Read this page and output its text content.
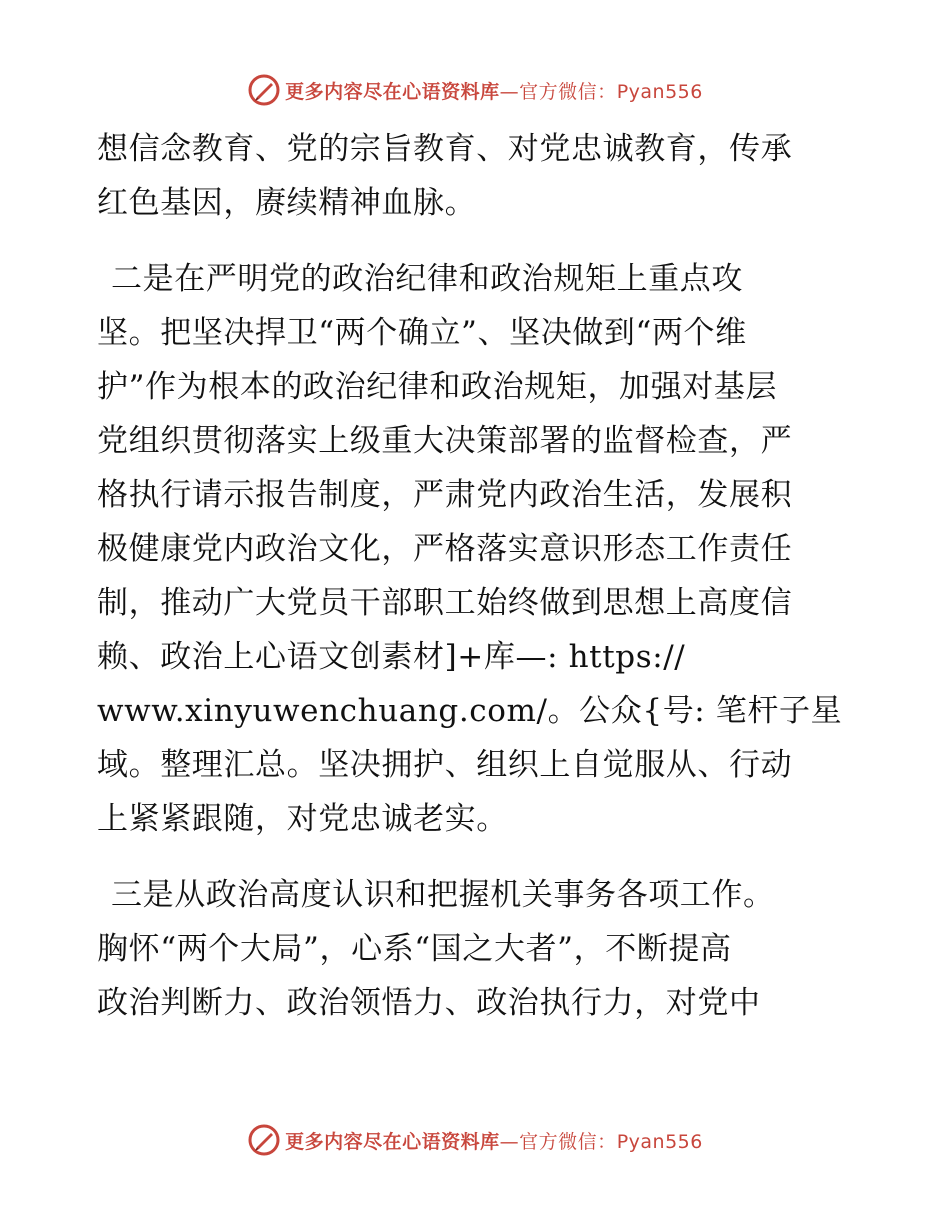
更多内容尽在心语资料库—官方微信：Pyan556
想信念教育、党的宗旨教育、对党忠诚教育，传承
红色基因，赓续精神血脉。
二是在严明党的政治纪律和政治规矩上重点攻
坚。把坚决捍卫“两个确立”、坚决做到“两个维
护”作为根本的政治纪律和政治规矩，加强对基层
党组织贯彻落实上级重大决策部署的监督检查，严
格执行请示报告制度，严肃党内政治生活，发展积
极健康党内政治文化，严格落实意识形态工作责任
制，推动广大党员干部职工始终做到思想上高度信
赖、政治上心语文创素材]+库—: https://
www.xinyuwenchuang.com/。公众{号: 笔杆子星
域。整理汇总。坚决拥护、组织上自觉服从、行动
上紧紧跟随，对党忠诚老实。
三是从政治高度认识和把握机关事务各项工作。
胸怀“两个大局”，心系“国之大者”，不断提高
政治判断力、政治领悟力、政治执行力，对党中
更多内容尽在心语资料库—官方微信：Pyan556
